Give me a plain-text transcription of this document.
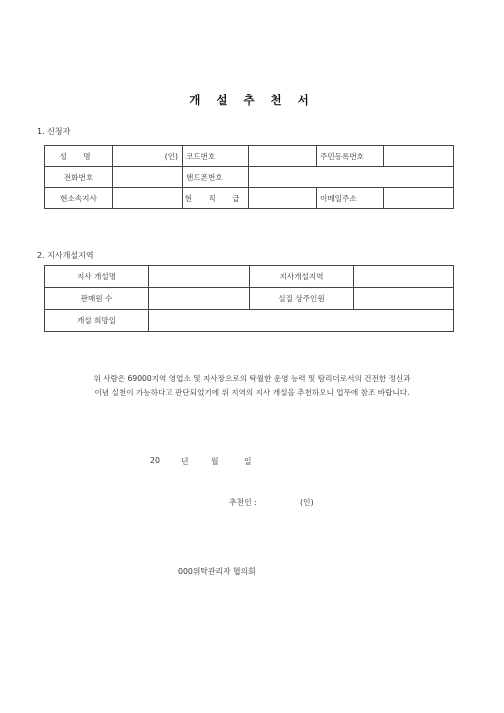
개 설 추 천 서
1. 신청자
성 명	(인)	코드번호		주민등록번호	
전화번호		핸드폰번호			
현소속지사		현 직 급		이메일주소	
2. 지사개설지역
지사 개설명		지사개설지역	
판매원 수		실질 상주인원	
개설 희망일			
위 사람은 69000지역 영업소 및 지사장으로의 탁월한 운영 능력 및 탐리더로서의 건전한 정신과
이념 실천이 가능하다고 판단되었기에 위 지역의 지사 개설을 추천하오니 업무에 참조 바랍니다.
20	년	월	일
추천인 :	(인)
000위탁관리자 협의회
